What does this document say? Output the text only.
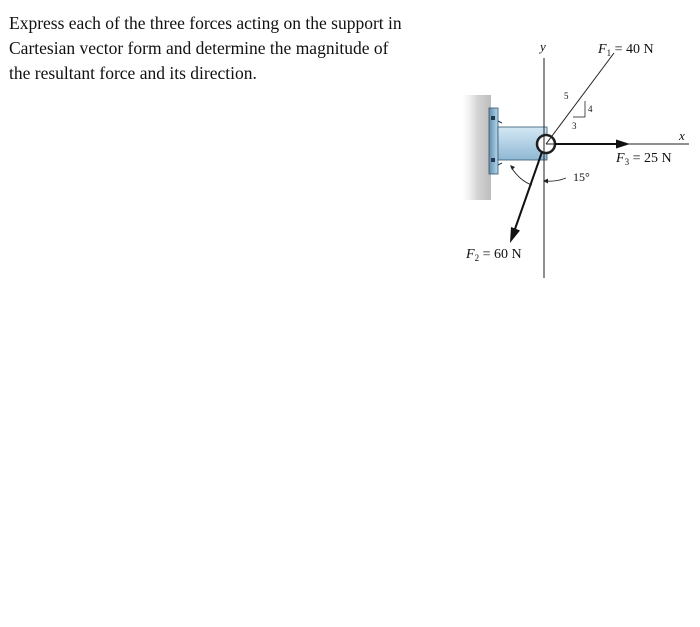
Express each of the three forces acting on the support in
Cartesian vector form and determine the magnitude of
the resultant force and its direction.
y
x
$F_1 = 40$ N
5
4
3
$F_3 = 25$ N
$F_2 = 60$ N
15°
